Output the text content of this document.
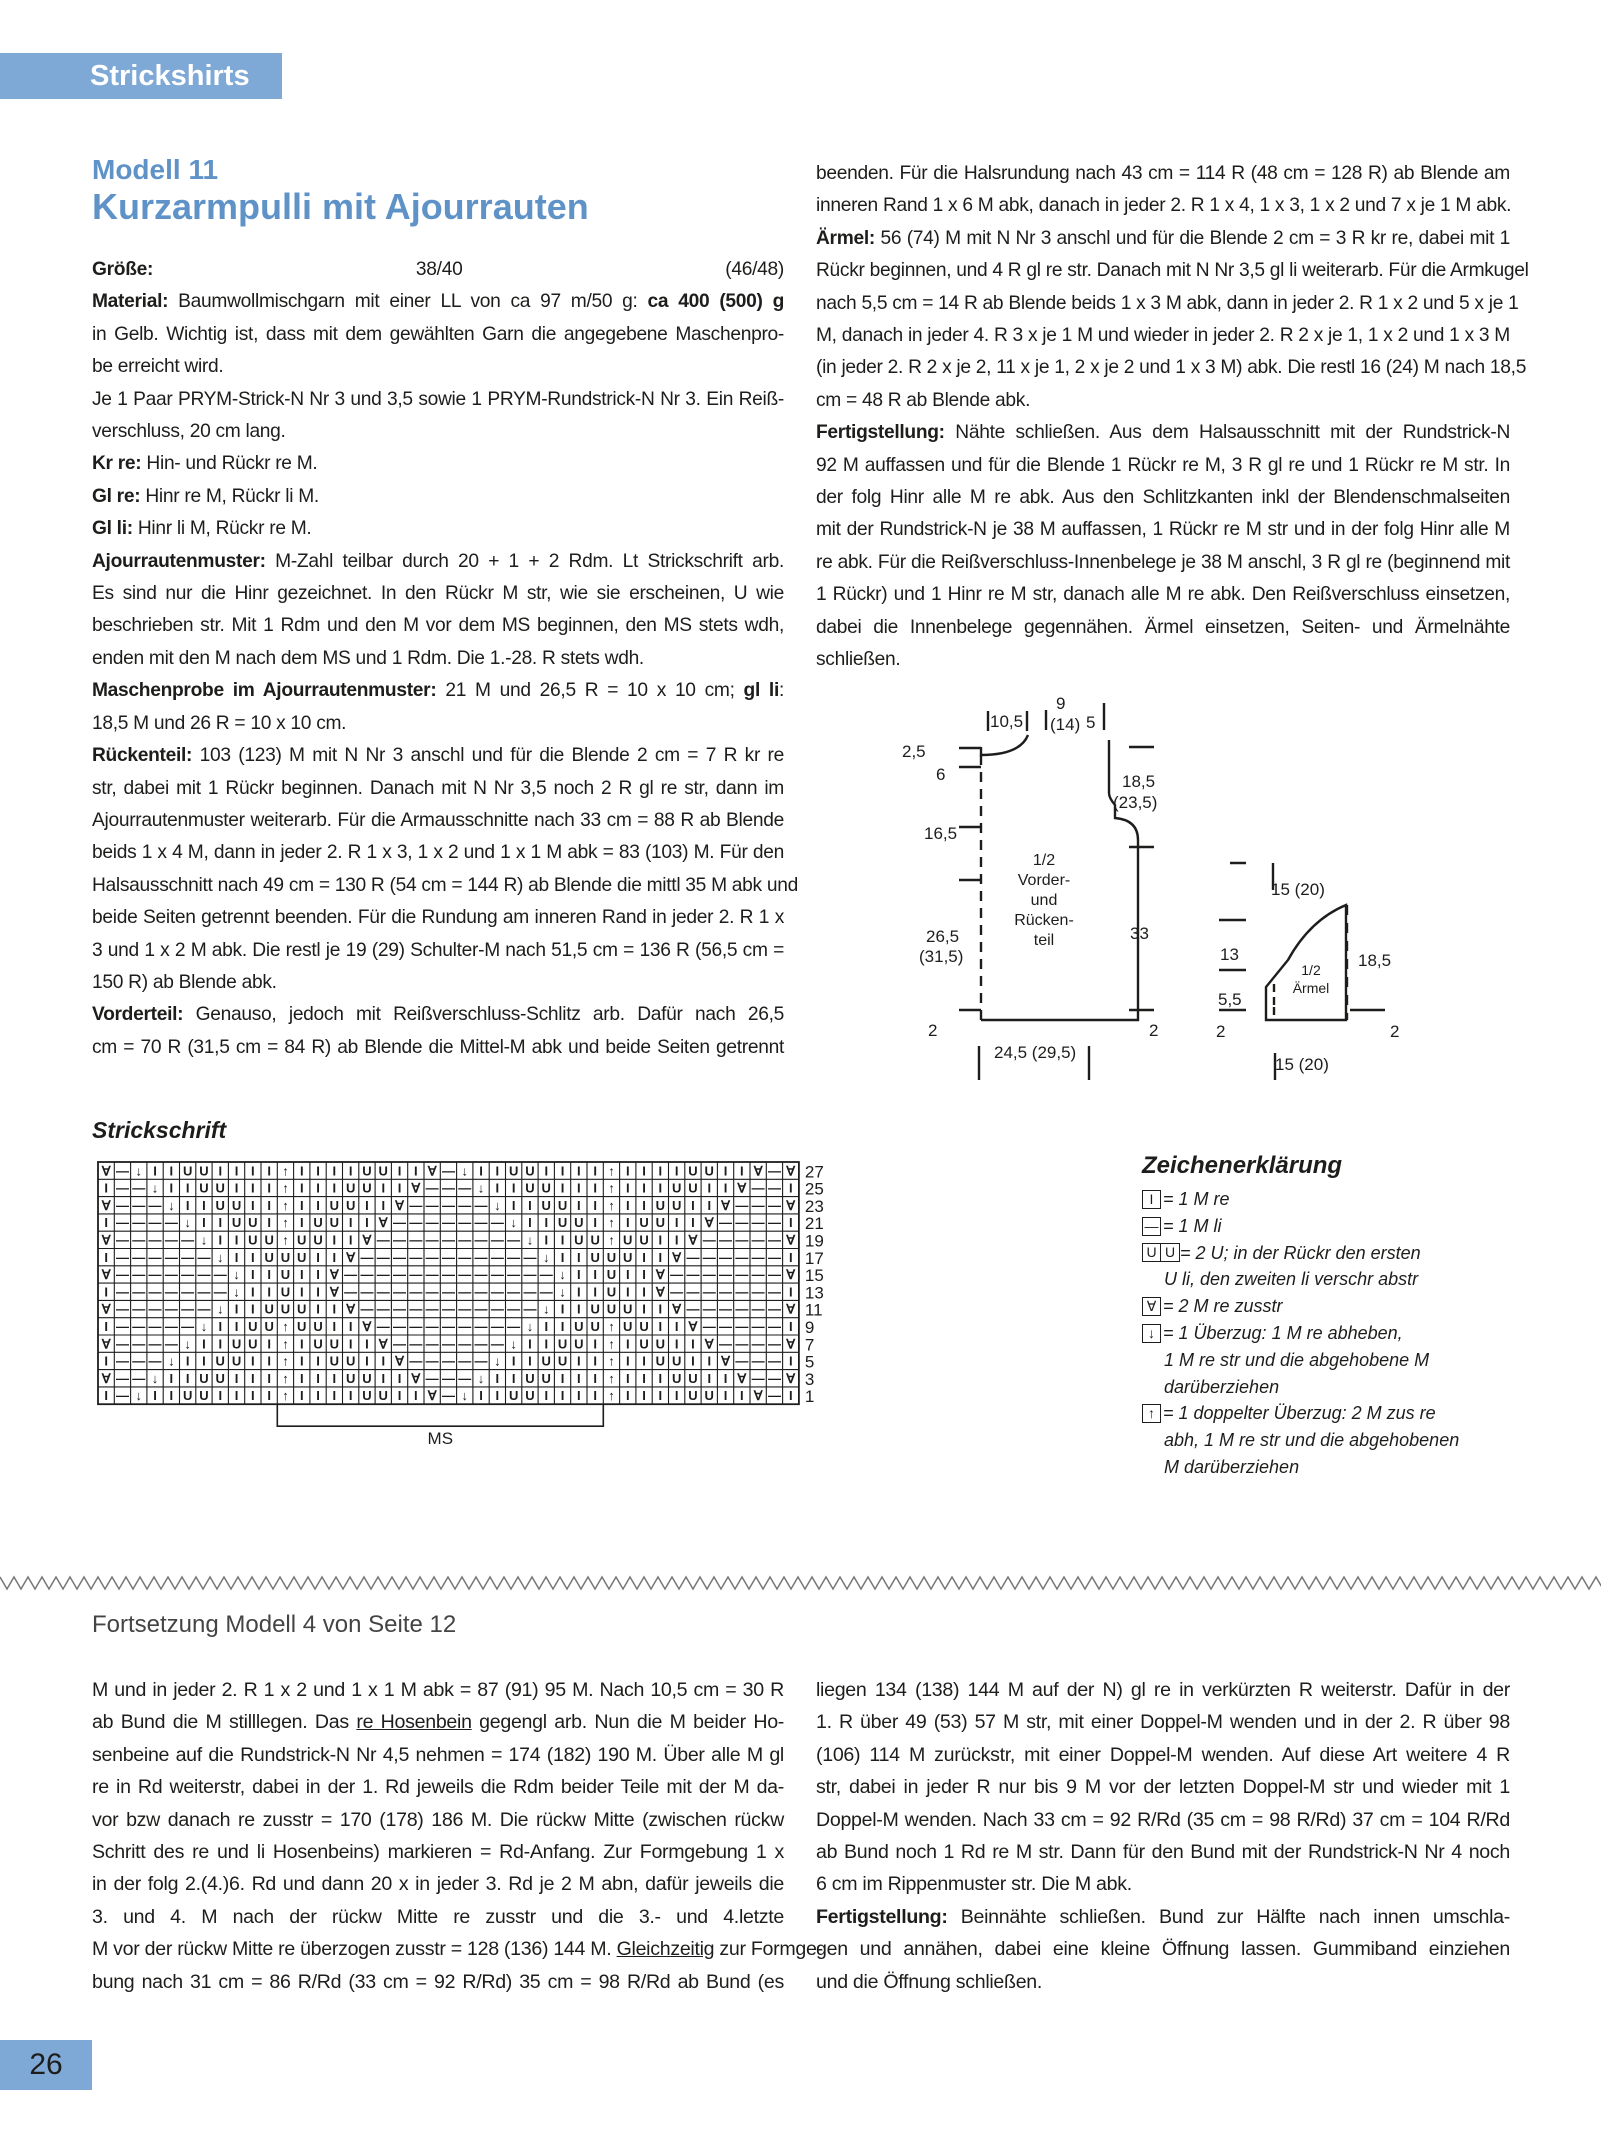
Strickshirts
Modell 11
Kurzarmpulli mit Ajourrauten
Größe: 38/40 (46/48)
Material: Baumwollmischgarn mit einer LL von ca 97 m/50 g: ca 400 (500) g
in Gelb. Wichtig ist, dass mit dem gewählten Garn die angegebene Maschenpro-
be erreicht wird.
Je 1 Paar PRYM-Strick-N Nr 3 und 3,5 sowie 1 PRYM-Rundstrick-N Nr 3. Ein Reiß-
verschluss, 20 cm lang.
Kr re: Hin- und Rückr re M.
Gl re: Hinr re M, Rückr li M.
Gl li: Hinr li M, Rückr re M.
Ajourrautenmuster: M-Zahl teilbar durch 20 + 1 + 2 Rdm. Lt Strickschrift arb.
Es sind nur die Hinr gezeichnet. In den Rückr M str, wie sie erscheinen, U wie
beschrieben str. Mit 1 Rdm und den M vor dem MS beginnen, den MS stets wdh,
enden mit den M nach dem MS und 1 Rdm. Die 1.-28. R stets wdh.
Maschenprobe im Ajourrautenmuster: 21 M und 26,5 R = 10 x 10 cm; gl li:
18,5 M und 26 R = 10 x 10 cm.
Rückenteil: 103 (123) M mit N Nr 3 anschl und für die Blende 2 cm = 7 R kr re
str, dabei mit 1 Rückr beginnen. Danach mit N Nr 3,5 noch 2 R gl re str, dann im
Ajourrautenmuster weiterarb. Für die Armausschnitte nach 33 cm = 88 R ab Blende
beids 1 x 4 M, dann in jeder 2. R 1 x 3, 1 x 2 und 1 x 1 M abk = 83 (103) M. Für den
Halsausschnitt nach 49 cm = 130 R (54 cm = 144 R) ab Blende die mittl 35 M abk und
beide Seiten getrennt beenden. Für die Rundung am inneren Rand in jeder 2. R 1 x
3 und 1 x 2 M abk. Die restl je 19 (29) Schulter-M nach 51,5 cm = 136 R (56,5 cm =
150 R) ab Blende abk.
Vorderteil: Genauso, jedoch mit Reißverschluss-Schlitz arb. Dafür nach 26,5
cm = 70 R (31,5 cm = 84 R) ab Blende die Mittel-M abk und beide Seiten getrennt
beenden. Für die Halsrundung nach 43 cm = 114 R (48 cm = 128 R) ab Blende am
inneren Rand 1 x 6 M abk, danach in jeder 2. R 1 x 4, 1 x 3, 1 x 2 und 7 x je 1 M abk.
Ärmel: 56 (74) M mit N Nr 3 anschl und für die Blende 2 cm = 3 R kr re, dabei mit 1
Rückr beginnen, und 4 R gl re str. Danach mit N Nr 3,5 gl li weiterarb. Für die Armkugel
nach 5,5 cm = 14 R ab Blende beids 1 x 3 M abk, dann in jeder 2. R 1 x 2 und 5 x je 1
M, danach in jeder 4. R 3 x je 1 M und wieder in jeder 2. R 2 x je 1, 1 x 2 und 1 x 3 M
(in jeder 2. R 2 x je 2, 11 x je 1, 2 x je 2 und 1 x 3 M) abk. Die restl 16 (24) M nach 18,5
cm = 48 R ab Blende abk.
Fertigstellung: Nähte schließen. Aus dem Halsausschnitt mit der Rundstrick-N
92 M auffassen und für die Blende 1 Rückr re M, 3 R gl re und 1 Rückr re M str. In
der folg Hinr alle M re abk. Aus den Schlitzkanten inkl der Blendenschmalseiten
mit der Rundstrick-N je 38 M auffassen, 1 Rückr re M str und in der folg Hinr alle M
re abk. Für die Reißverschluss-Innenbelege je 38 M anschl, 3 R gl re (beginnend mit
1 Rückr) und 1 Hinr re M str, danach alle M re abk. Den Reißverschluss einsetzen,
dabei die Innenbelege gegennähen. Ärmel einsetzen, Seiten- und Ärmelnähte
schließen.
10,5
9
(14) 5
2,5
6
16,5
26,5
(31,5)
2
18,5
(23,5)
33
2
24,5 (29,5)
1/2
Vorder-
und
Rücken-
teil
15 (20)
13
5,5
2
18,5
2
15 (20)
1/2
Ärmel
Strickschrift
∀ — ↓ I I U U I I I I ↑ I I I I U U I I ∀ — ↓ I I U U I I I I ↑ I I I I U U I I ∀ — ∀
I — — ↓ I I U U I I I ↑ I I I U U I I ∀ — — — ↓ I I U U I I I ↑ I I I U U I I ∀ — — I
∀ — — — ↓ I I U U I I ↑ I I U U I I ∀ — — — — — ↓ I I U U I I ↑ I I U U I I ∀ — — — ∀
I — — — — ↓ I I U U I ↑ I U U I I ∀ — — — — — — — ↓ I I U U I ↑ I U U I I ∀ — — — — I
∀ — — — — — ↓ I I U U ↑ U U I I ∀ — — — — — — — — — ↓ I I U U ↑ U U I I ∀ — — — — — ∀
I — — — — — — ↓ I I U U U I I ∀ — — — — — — — — — — — ↓ I I U U U I I ∀ — — — — — — I
∀ — — — — — — — ↓ I I U I I ∀ — — — — — — — — — — — — — ↓ I I U I I ∀ — — — — — — — ∀
I — — — — — — — ↓ I I U I I ∀ — — — — — — — — — — — — — ↓ I I U I I ∀ — — — — — — — I
∀ — — — — — — ↓ I I U U U I I ∀ — — — — — — — — — — — ↓ I I U U U I I ∀ — — — — — — ∀
I — — — — — ↓ I I U U ↑ U U I I ∀ — — — — — — — — — ↓ I I U U ↑ U U I I ∀ — — — — — I
∀ — — — — ↓ I I U U I ↑ I U U I I ∀ — — — — — — — ↓ I I U U I ↑ I U U I I ∀ — — — — ∀
I — — — ↓ I I U U I I ↑ I I U U I I ∀ — — — — — ↓ I I U U I I ↑ I I U U I I ∀ — — — I
∀ — — ↓ I I U U I I I ↑ I I I U U I I ∀ — — — ↓ I I U U I I I ↑ I I I U U I I ∀ — — ∀
I — ↓ I I U U I I I I ↑ I I I I U U I I ∀ — ↓ I I U U I I I I ↑ I I I I U U I I ∀ — I
27
25
23
21
19
17
15
13
11
9
7
5
3
1
MS
Zeichenerklärung
I = 1 M re
— = 1 M li
U U = 2 U; in der Rückr den ersten
U li, den zweiten li verschr abstr
∀ = 2 M re zusstr
↓ = 1 Überzug: 1 M re abheben,
1 M re str und die abgehobene M
darüberziehen
↑ = 1 doppelter Überzug: 2 M zus re
abh, 1 M re str und die abgehobenen
M darüberziehen
Fortsetzung Modell 4 von Seite 12
M und in jeder 2. R 1 x 2 und 1 x 1 M abk = 87 (91) 95 M. Nach 10,5 cm = 30 R
ab Bund die M stilllegen. Das re Hosenbein gegengl arb. Nun die M beider Ho-
senbeine auf die Rundstrick-N Nr 4,5 nehmen = 174 (182) 190 M. Über alle M gl
re in Rd weiterstr, dabei in der 1. Rd jeweils die Rdm beider Teile mit der M da-
vor bzw danach re zusstr = 170 (178) 186 M. Die rückw Mitte (zwischen rückw
Schritt des re und li Hosenbeins) markieren = Rd-Anfang. Zur Formgebung 1 x
in der folg 2.(4.)6. Rd und dann 20 x in jeder 3. Rd je 2 M abn, dafür jeweils die
3. und 4. M nach der rückw Mitte re zusstr und die 3.- und 4.letzte
M vor der rückw Mitte re überzogen zusstr = 128 (136) 144 M. Gleichzeitig zur Formge-
bung nach 31 cm = 86 R/Rd (33 cm = 92 R/Rd) 35 cm = 98 R/Rd ab Bund (es
liegen 134 (138) 144 M auf der N) gl re in verkürzten R weiterstr. Dafür in der
1. R über 49 (53) 57 M str, mit einer Doppel-M wenden und in der 2. R über 98
(106) 114 M zurückstr, mit einer Doppel-M wenden. Auf diese Art weitere 4 R
str, dabei in jeder R nur bis 9 M vor der letzten Doppel-M str und wieder mit 1
Doppel-M wenden. Nach 33 cm = 92 R/Rd (35 cm = 98 R/Rd) 37 cm = 104 R/Rd
ab Bund noch 1 Rd re M str. Dann für den Bund mit der Rundstrick-N Nr 4 noch
6 cm im Rippenmuster str. Die M abk.
Fertigstellung: Beinnähte schließen. Bund zur Hälfte nach innen umschla-
gen und annähen, dabei eine kleine Öffnung lassen. Gummiband einziehen
und die Öffnung schließen.
26
